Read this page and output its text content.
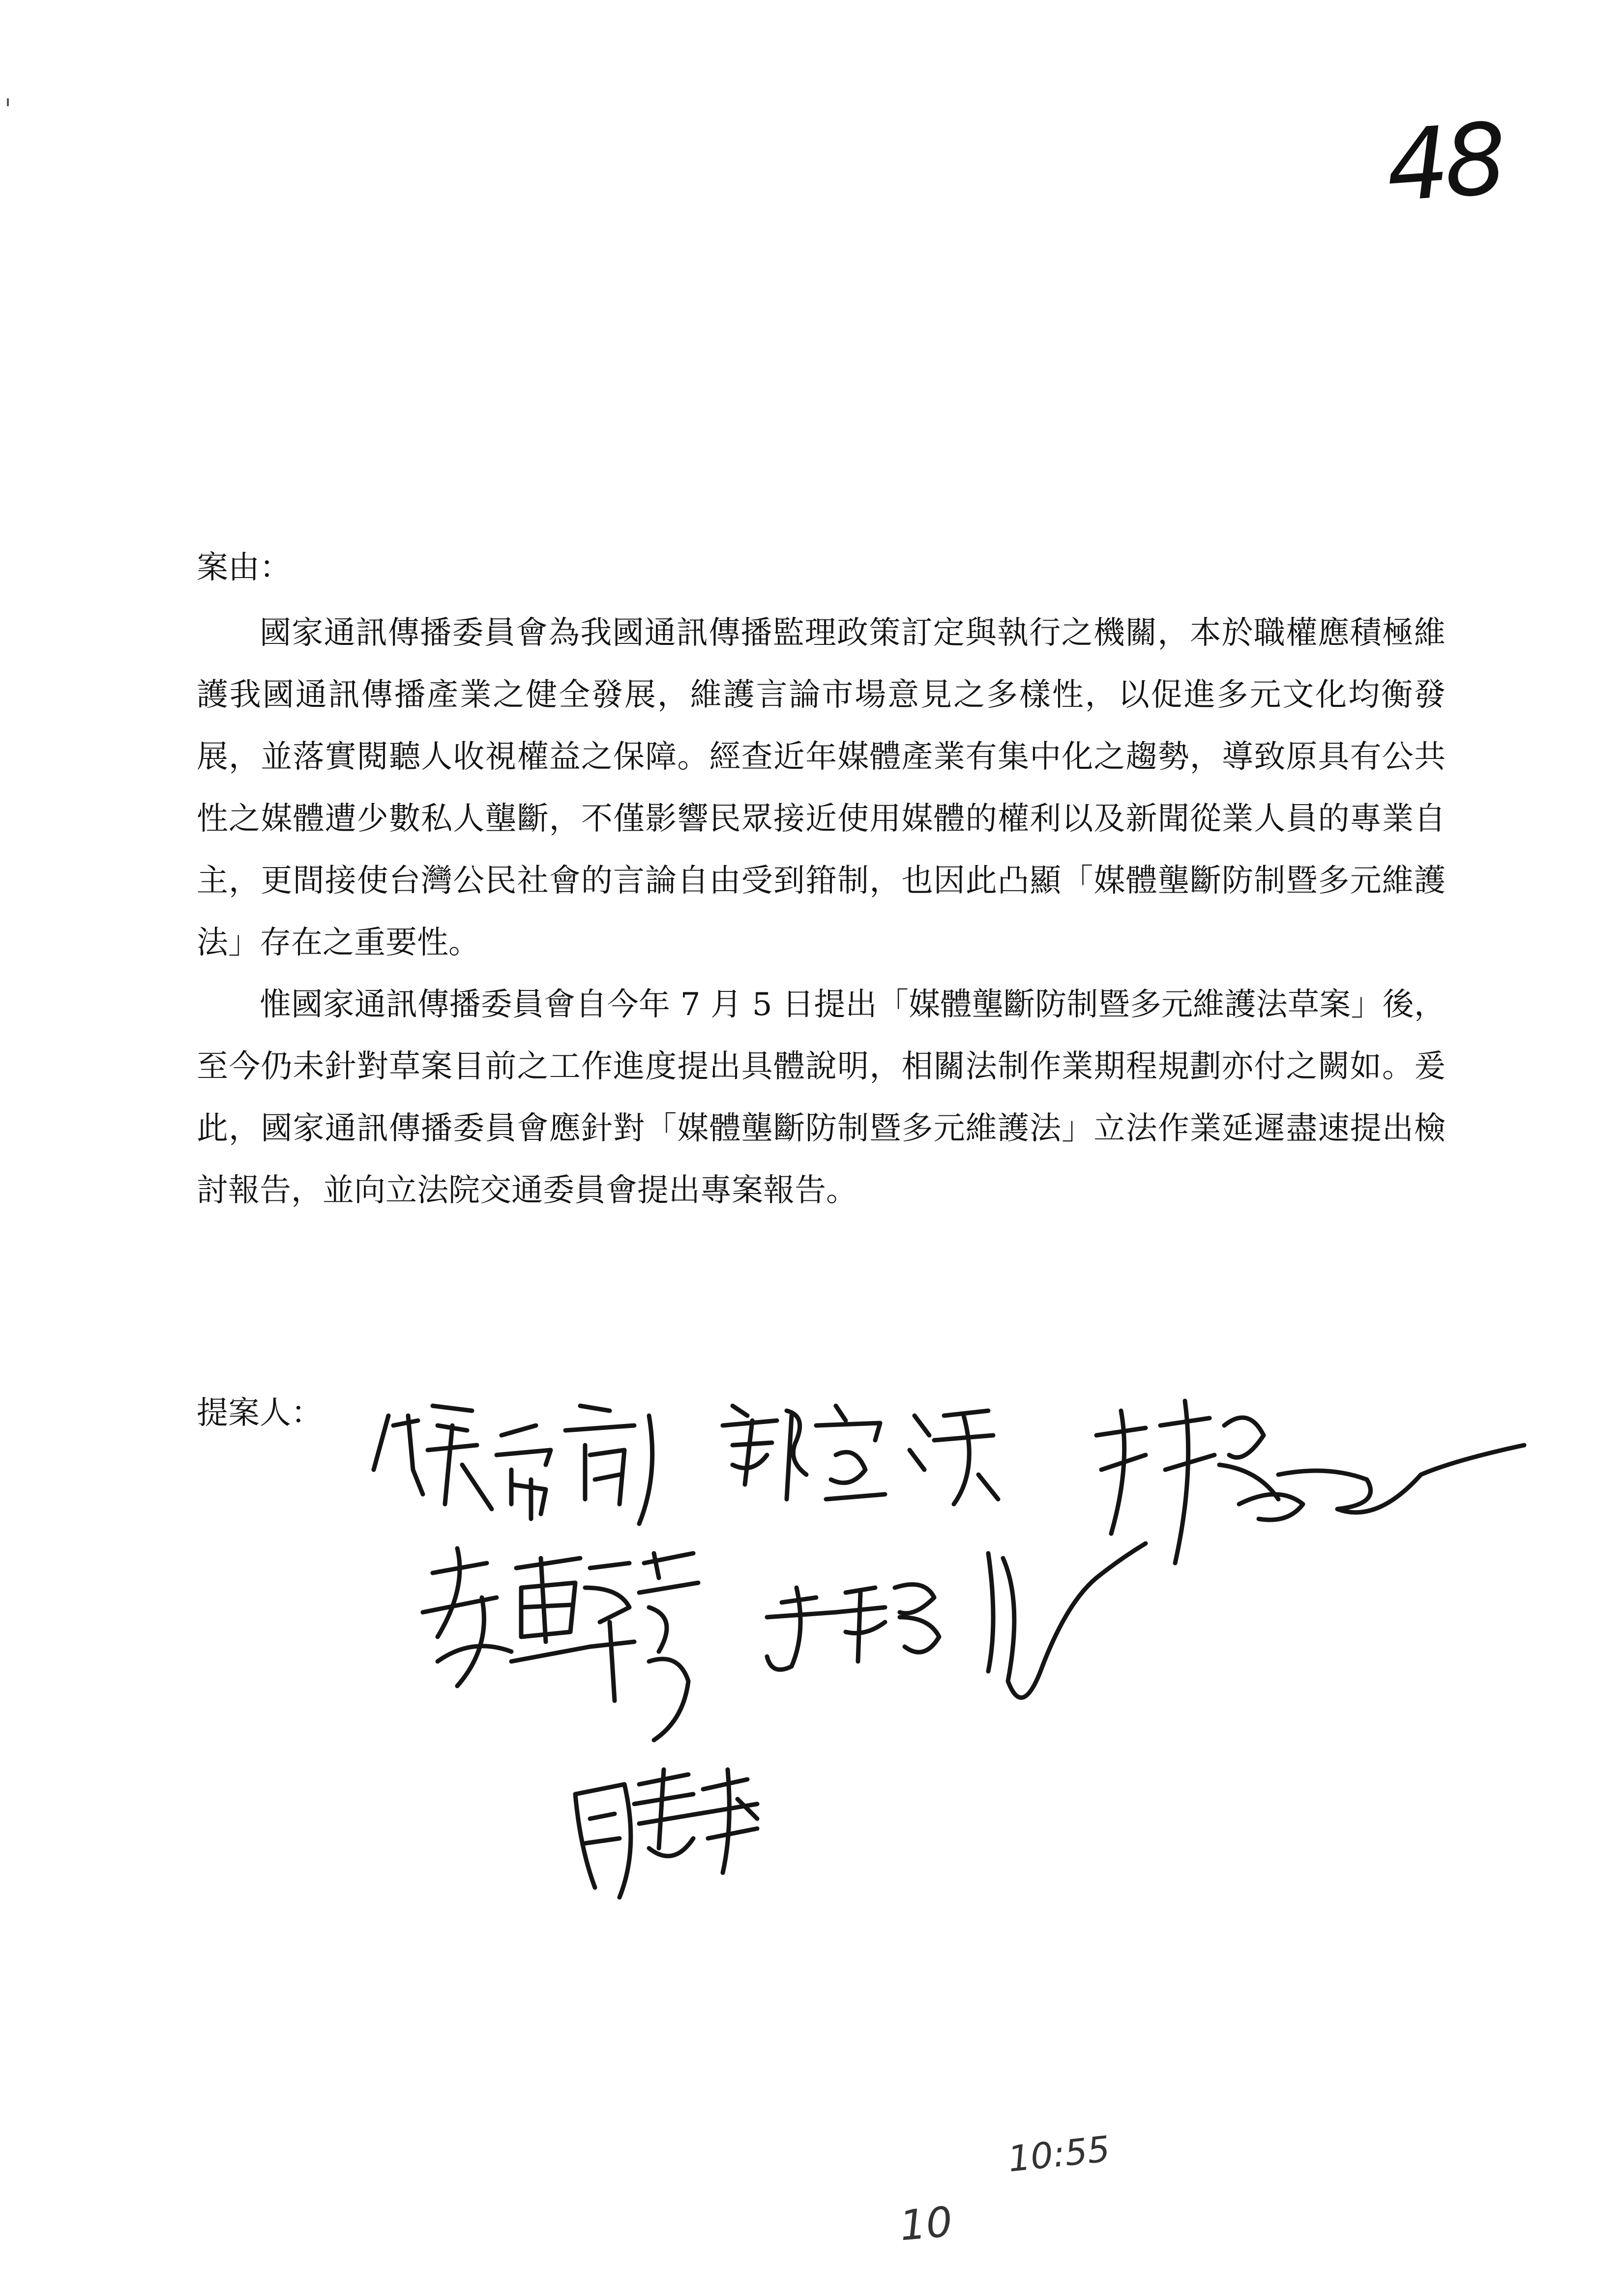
48
案由：

國家通訊傳播委員會為我國通訊傳播監理政策訂定與執行之機關，本於職權應積極維護我國通訊傳播產業之健全發展，維護言論市場意見之多樣性，以促進多元文化均衡發展，並落實閱聽人收視權益之保障。經查近年媒體產業有集中化之趨勢，導致原具有公共性之媒體遭少數私人壟斷，不僅影響民眾接近使用媒體的權利以及新聞從業人員的專業自主，更間接使台灣公民社會的言論自由受到箝制，也因此凸顯「媒體壟斷防制暨多元維護法」存在之重要性。

惟國家通訊傳播委員會自今年 7 月 5 日提出「媒體壟斷防制暨多元維護法草案」後，至今仍未針對草案目前之工作進度提出具體說明，相關法制作業期程規劃亦付之闕如。爰此，國家通訊傳播委員會應針對「媒體壟斷防制暨多元維護法」立法作業延遲盡速提出檢討報告，並向立法院交通委員會提出專案報告。

提案人：
10:55
10
